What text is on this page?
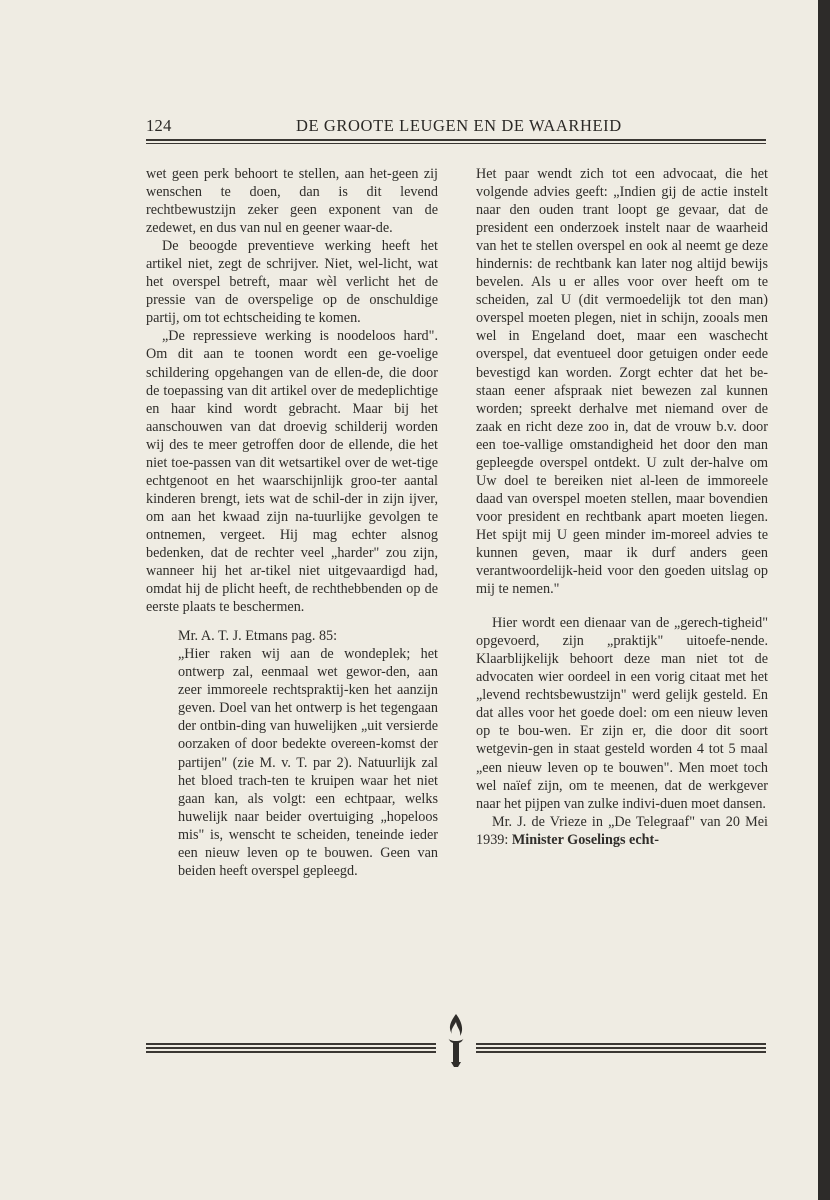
124	DE GROOTE LEUGEN EN DE WAARHEID

wet geen perk behoort te stellen, aan het-geen zij wenschen te doen, dan is dit levend rechtbewustzijn zeker geen exponent van de zedewet, en dus van nul en geener waar-de.

De beoogde preventieve werking heeft het artikel niet, zegt de schrijver. Niet, wel-licht, wat het overspel betreft, maar wèl verlicht het de pressie van de overspelige op de onschuldige partij, om tot echtscheiding te komen.

„De repressieve werking is noodeloos hard". Om dit aan te toonen wordt een ge-voelige schildering opgehangen van de ellen-de, die door de toepassing van dit artikel over de medeplichtige en haar kind wordt gebracht. Maar bij het aanschouwen van dat droevig schilderij worden wij des te meer getroffen door de ellende, die het niet toe-passen van dit wetsartikel over de wet-tige echtgenoot en het waarschijnlijk groo-ter aantal kinderen brengt, iets wat de schil-der in zijn ijver, om aan het kwaad zijn na-tuurlijke gevolgen te ontnemen, vergeet. Hij mag echter alsnog bedenken, dat de rechter veel „harder" zou zijn, wanneer hij het ar-tikel niet uitgevaardigd had, omdat hij de plicht heeft, de rechthebbenden op de eerste plaats te beschermen.

Mr. A. T. J. Etmans pag. 85:

„Hier raken wij aan de wondeplek; het ontwerp zal, eenmaal wet gewor-den, aan zeer immoreele rechtspraktij-ken het aanzijn geven. Doel van het ontwerp is het tegengaan der ontbin-ding van huwelijken „uit versierde oorzaken of door bedekte overeen-komst der partijen" (zie M. v. T. par 2). Natuurlijk zal het bloed trach-ten te kruipen waar het niet gaan kan, als volgt: een echtpaar, welks huwelijk naar beider overtuiging „hopeloos mis" is, wenscht te scheiden, teneinde ieder een nieuw leven op te bouwen. Geen van beiden heeft overspel gepleegd.

Het paar wendt zich tot een advocaat, die het volgende advies geeft: „Indien gij de actie instelt naar den ouden trant loopt ge gevaar, dat de president een onderzoek instelt naar de waarheid van het te stellen overspel en ook al neemt ge deze hindernis: de rechtbank kan later nog altijd bewijs bevelen. Als u er alles voor over heeft om te scheiden, zal U (dit vermoedelijk tot den man) overspel moeten plegen, niet in schijn, zooals men wel in Engeland doet, maar een waschecht overspel, dat eventueel door getuigen onder eede bevestigd kan worden. Zorgt echter dat het be-staan eener afspraak niet bewezen zal kunnen worden; spreekt derhalve met niemand over de zaak en richt deze zoo in, dat de vrouw b.v. door een toe-vallige omstandigheid het door den man gepleegde overspel ontdekt. U zult der-halve om Uw doel te bereiken niet al-leen de immoreele daad van overspel moeten stellen, maar bovendien voor president en rechtbank apart moeten liegen. Het spijt mij U geen minder im-moreel advies te kunnen geven, maar ik durf anders geen verantwoordelijk-heid voor den goeden uitslag op mij te nemen."

Hier wordt een dienaar van de „gerech-tigheid" opgevoerd, zijn „praktijk" uitoefe-nende. Klaarblijkelijk behoort deze man niet tot de advocaten wier oordeel in een vorig citaat met het „levend rechtsbewustzijn" werd gelijk gesteld. En dat alles voor het goede doel: om een nieuw leven op te bou-wen. Er zijn er, die door dit soort wetgevin-gen in staat gesteld worden 4 tot 5 maal „een nieuw leven op te bouwen". Men moet toch wel naïef zijn, om te meenen, dat de werkgever naar het pijpen van zulke indivi-duen moet dansen.

Mr. J. de Vrieze in „De Telegraaf" van 20 Mei 1939: Minister Goselings echt-
